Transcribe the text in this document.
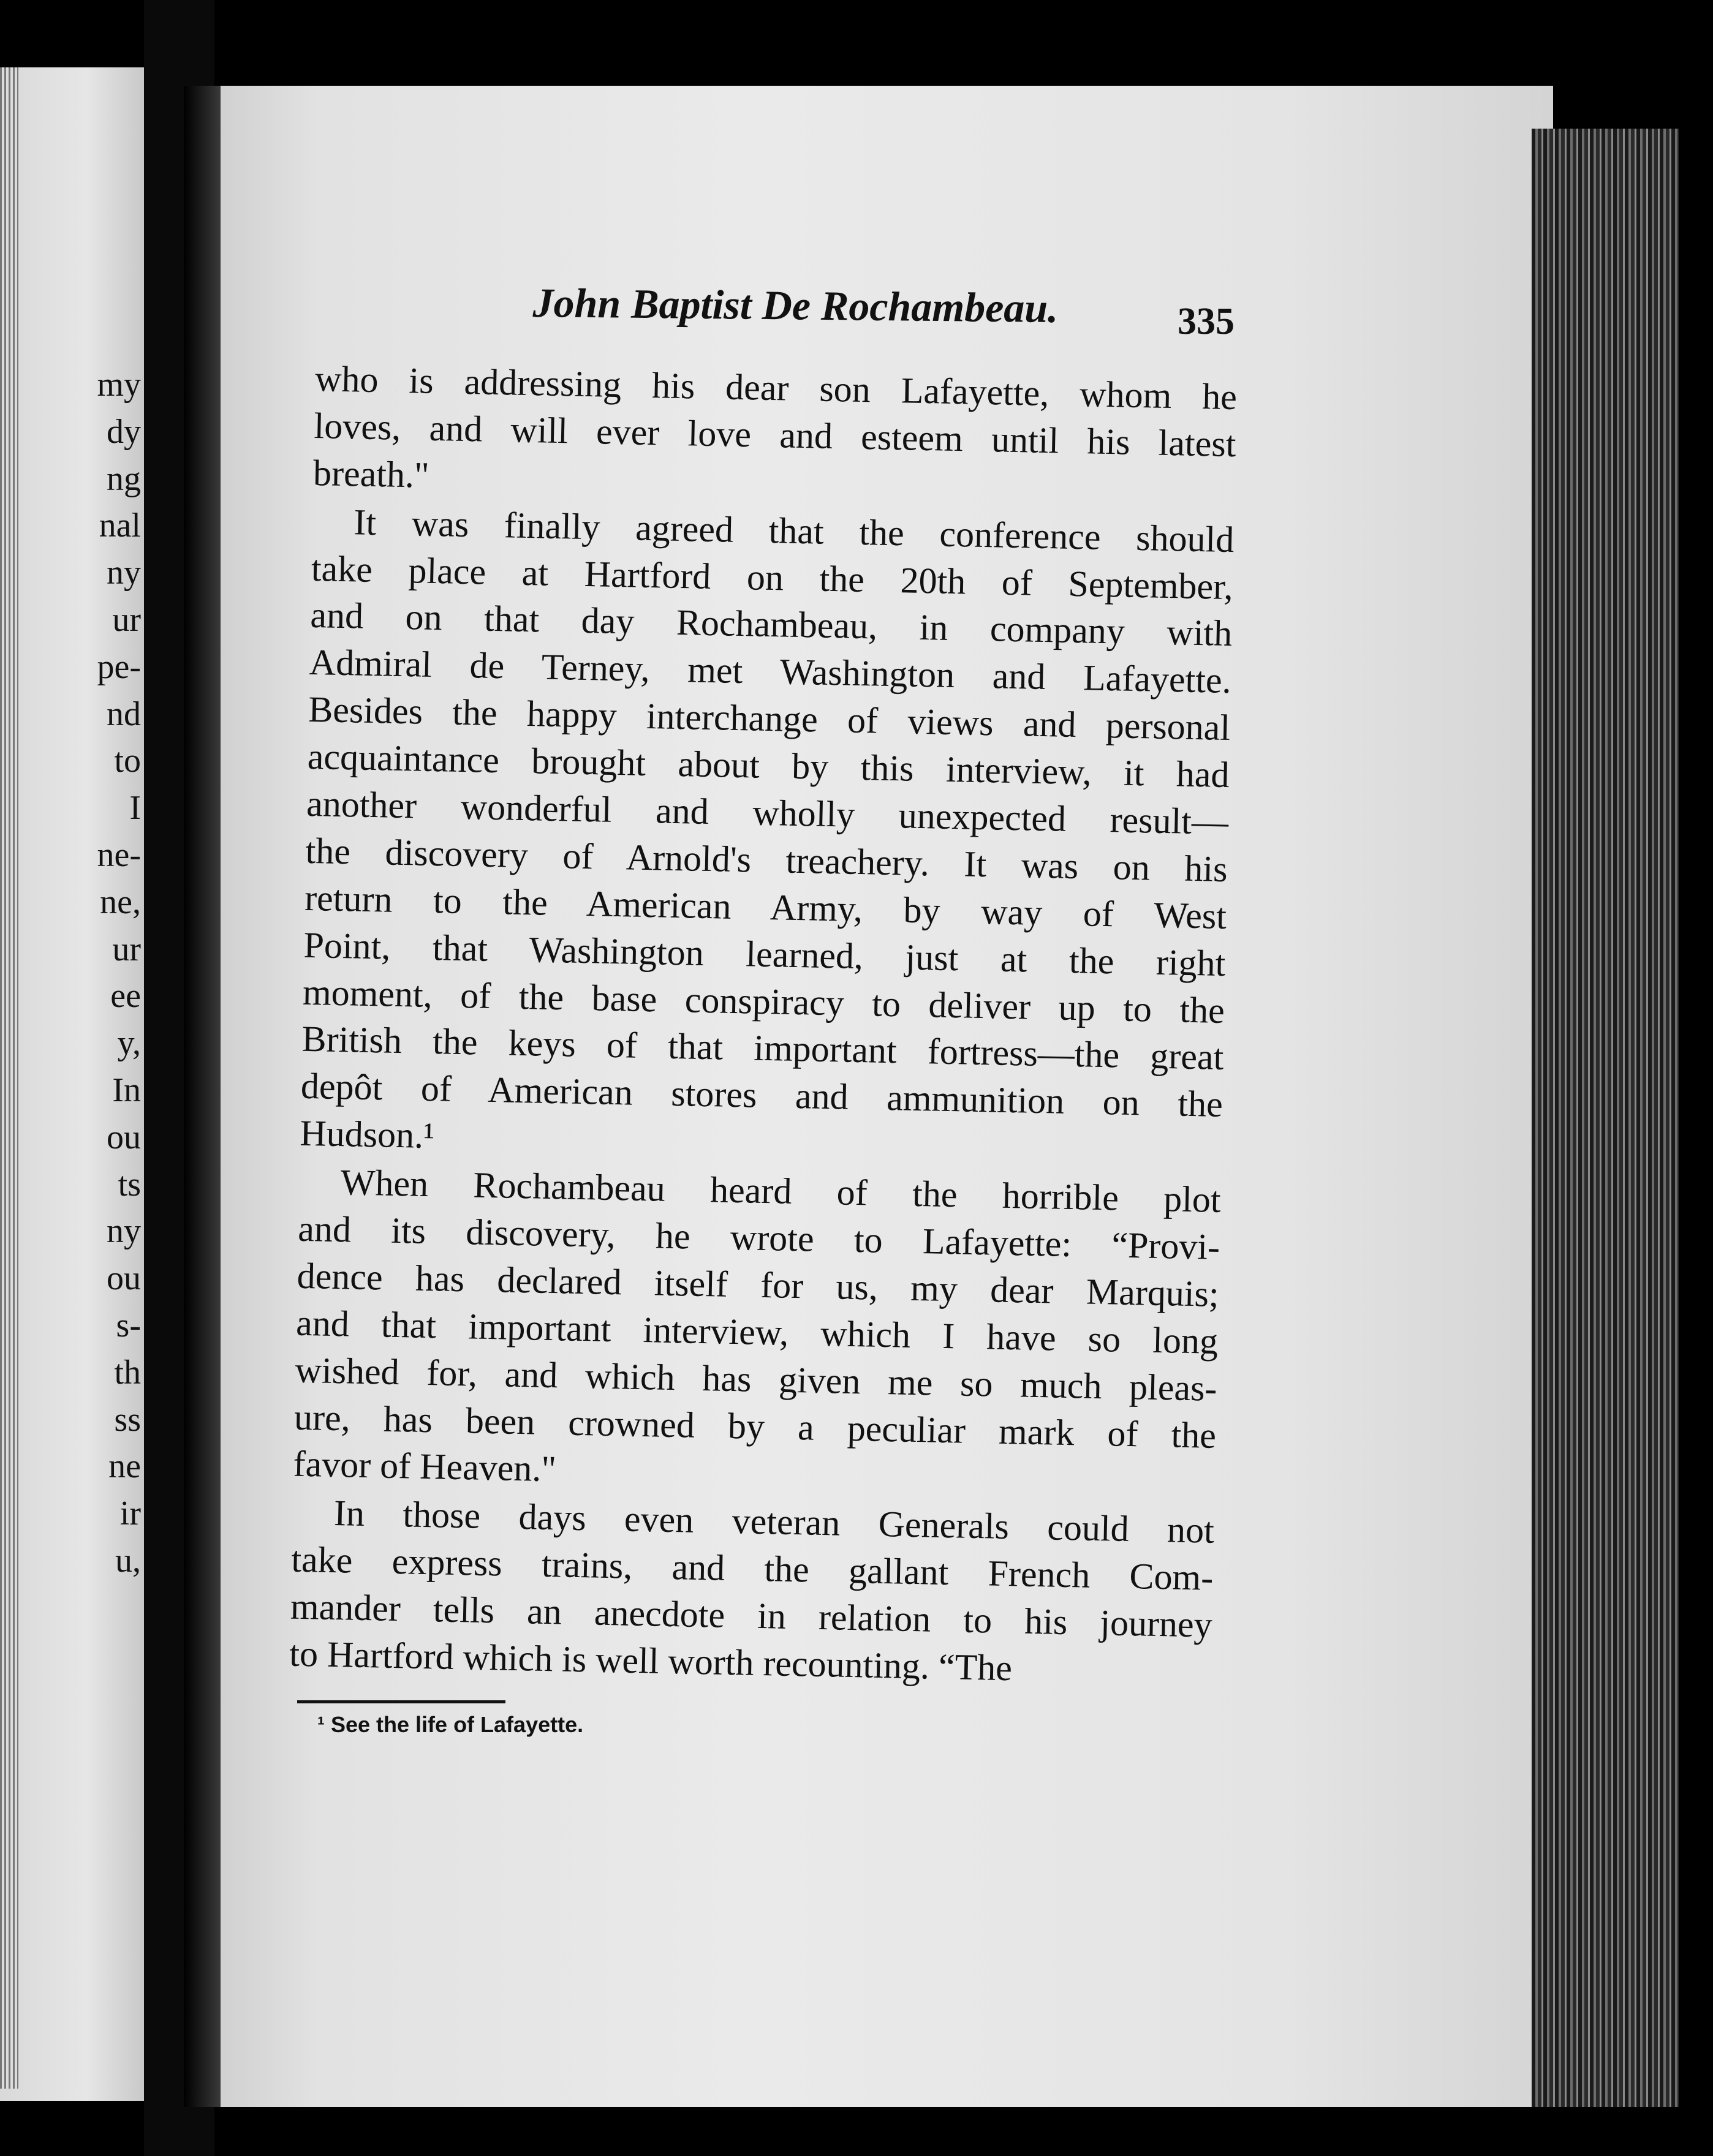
my
dy
ng
nal
ny
ur
pe-
nd
to
I
ne-
ne,
ur
ee
y,
In
ou
ts
ny
ou
s-
th
ss
ne
ir
u,
John Baptist De Rochambeau.	335
who is addressing his dear son Lafayette, whom he
loves, and will ever love and esteem until his latest
breath."
It was finally agreed that the conference should
take place at Hartford on the 20th of September,
and on that day Rochambeau, in company with
Admiral de Terney, met Washington and Lafayette.
Besides the happy interchange of views and personal
acquaintance brought about by this interview, it had
another wonderful and wholly unexpected result—
the discovery of Arnold's treachery. It was on his
return to the American Army, by way of West
Point, that Washington learned, just at the right
moment, of the base conspiracy to deliver up to the
British the keys of that important fortress—the great
depôt of American stores and ammunition on the
Hudson.¹
When Rochambeau heard of the horrible plot
and its discovery, he wrote to Lafayette: “Provi-
dence has declared itself for us, my dear Marquis;
and that important interview, which I have so long
wished for, and which has given me so much pleas-
ure, has been crowned by a peculiar mark of the
favor of Heaven."
In those days even veteran Generals could not
take express trains, and the gallant French Com-
mander tells an anecdote in relation to his journey
to Hartford which is well worth recounting. “The
¹ See the life of Lafayette.
